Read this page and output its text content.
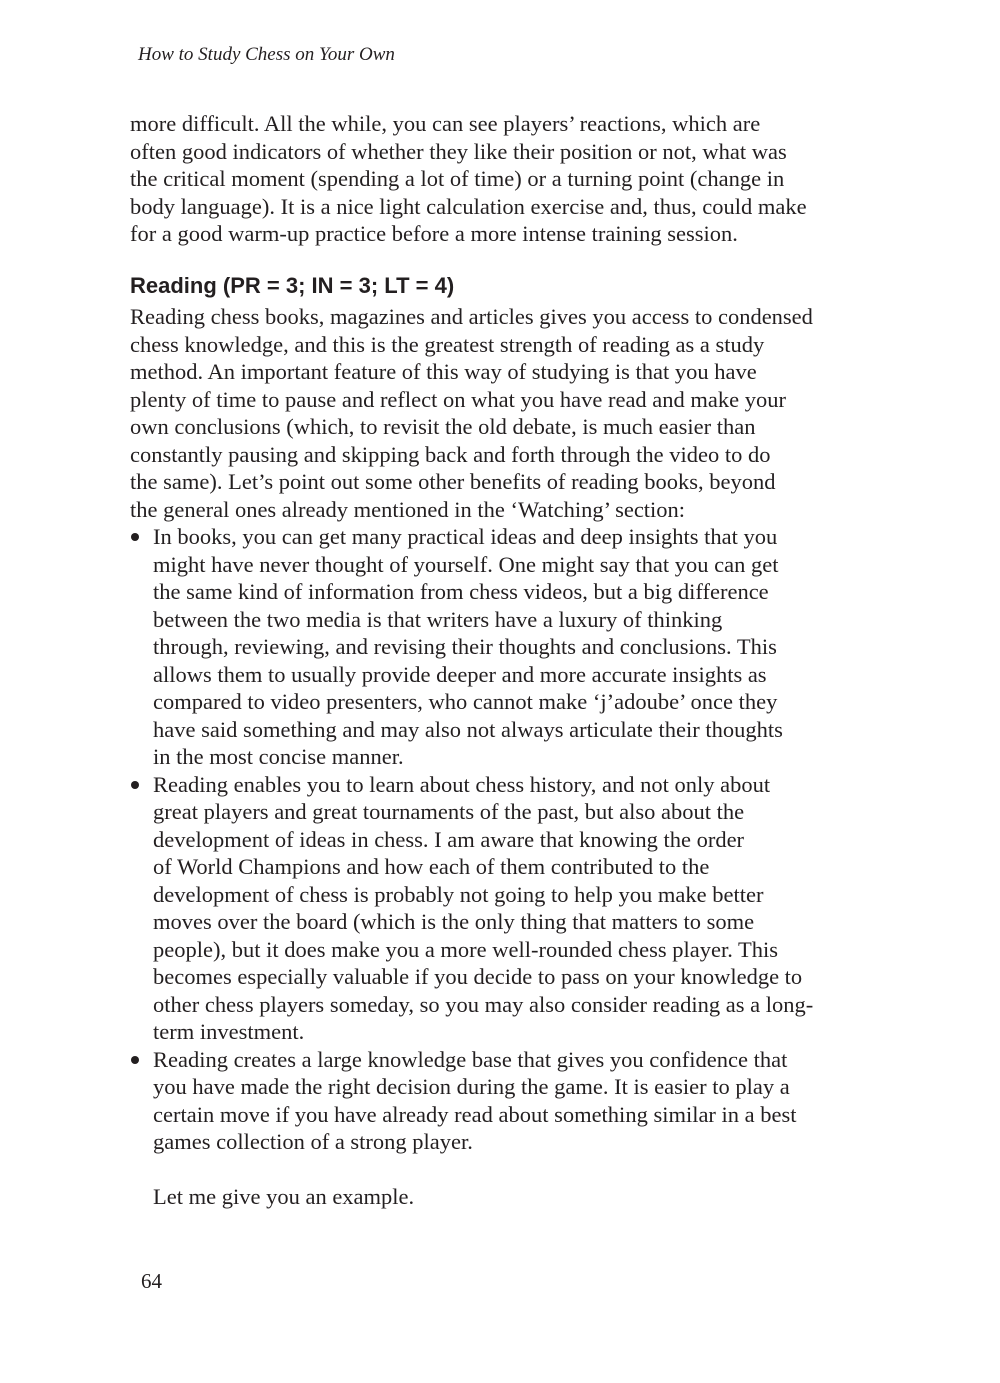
How to Study Chess on Your Own
more difficult. All the while, you can see players’ reactions, which are
often good indicators of whether they like their position or not, what was
the critical moment (spending a lot of time) or a turning point (change in
body language). It is a nice light calculation exercise and, thus, could make
for a good warm-up practice before a more intense training session.
Reading (PR = 3; IN = 3; LT = 4)
Reading chess books, magazines and articles gives you access to condensed
chess knowledge, and this is the greatest strength of reading as a study
method. An important feature of this way of studying is that you have
plenty of time to pause and reflect on what you have read and make your
own conclusions (which, to revisit the old debate, is much easier than
constantly pausing and skipping back and forth through the video to do
the same). Let’s point out some other benefits of reading books, beyond
the general ones already mentioned in the ‘Watching’ section:
In books, you can get many practical ideas and deep insights that you
might have never thought of yourself. One might say that you can get
the same kind of information from chess videos, but a big difference
between the two media is that writers have a luxury of thinking
through, reviewing, and revising their thoughts and conclusions. This
allows them to usually provide deeper and more accurate insights as
compared to video presenters, who cannot make ‘j’adoube’ once they
have said something and may also not always articulate their thoughts
in the most concise manner.
Reading enables you to learn about chess history, and not only about
great players and great tournaments of the past, but also about the
development of ideas in chess. I am aware that knowing the order
of World Champions and how each of them contributed to the
development of chess is probably not going to help you make better
moves over the board (which is the only thing that matters to some
people), but it does make you a more well-rounded chess player. This
becomes especially valuable if you decide to pass on your knowledge to
other chess players someday, so you may also consider reading as a long-
term investment.
Reading creates a large knowledge base that gives you confidence that
you have made the right decision during the game. It is easier to play a
certain move if you have already read about something similar in a best
games collection of a strong player.
Let me give you an example.
64
